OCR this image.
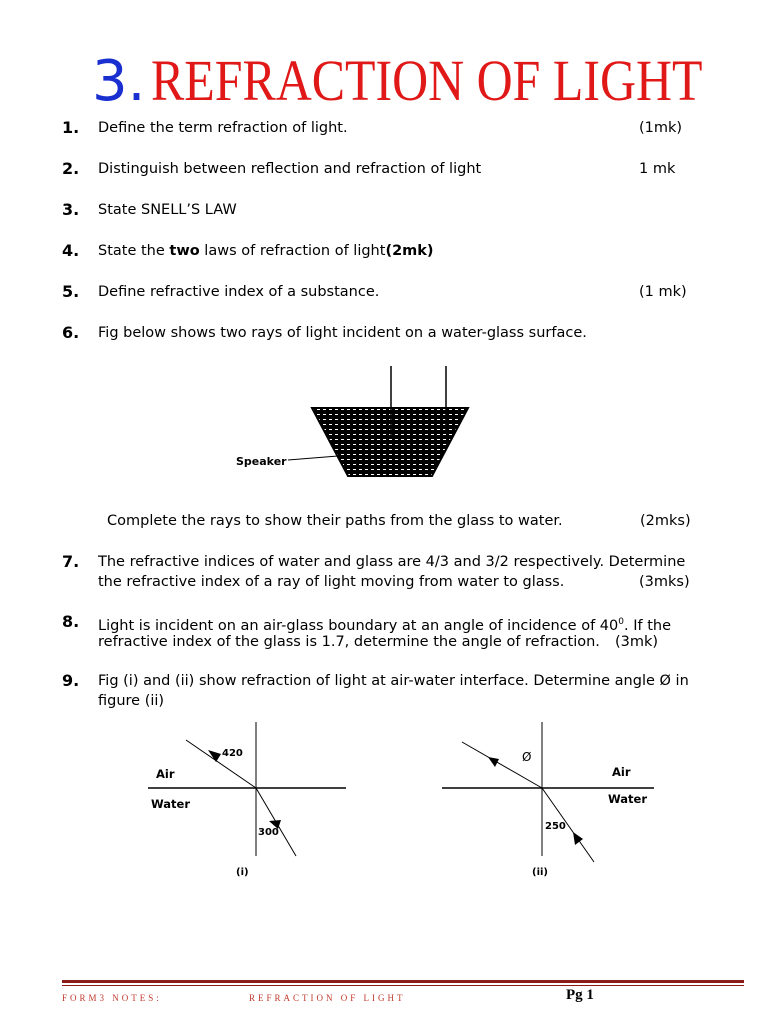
3. REFRACTION OF LIGHT
1. Define the term refraction of light.	(1mk)
2. Distinguish between reflection and refraction of light	1 mk
3. State SNELL’S LAW
4. State the two laws of refraction of light(2mk)
5. Define refractive index of a substance.	(1 mk)
6. Fig below shows two rays of light incident on a water-glass surface.
Speaker
Complete the rays to show their paths from the glass to water.	(2mks)
7. The refractive indices of water and glass are 4/3 and 3/2 respectively. Determine
the refractive index of a ray of light moving from water to glass.	(3mks)
8. Light is incident on an air-glass boundary at an angle of incidence of $40^0$. If the
refractive index of the glass is 1.7, determine the angle of refraction. (3mk)
9. Fig (i) and (ii) show refraction of light at air-water interface. Determine angle Ø in
figure (ii)
420
300
Air
Water
(i)
Ø
250
Air
Water
(ii)
FORM3 NOTES:	REFRACTION OF LIGHT	Pg 1
